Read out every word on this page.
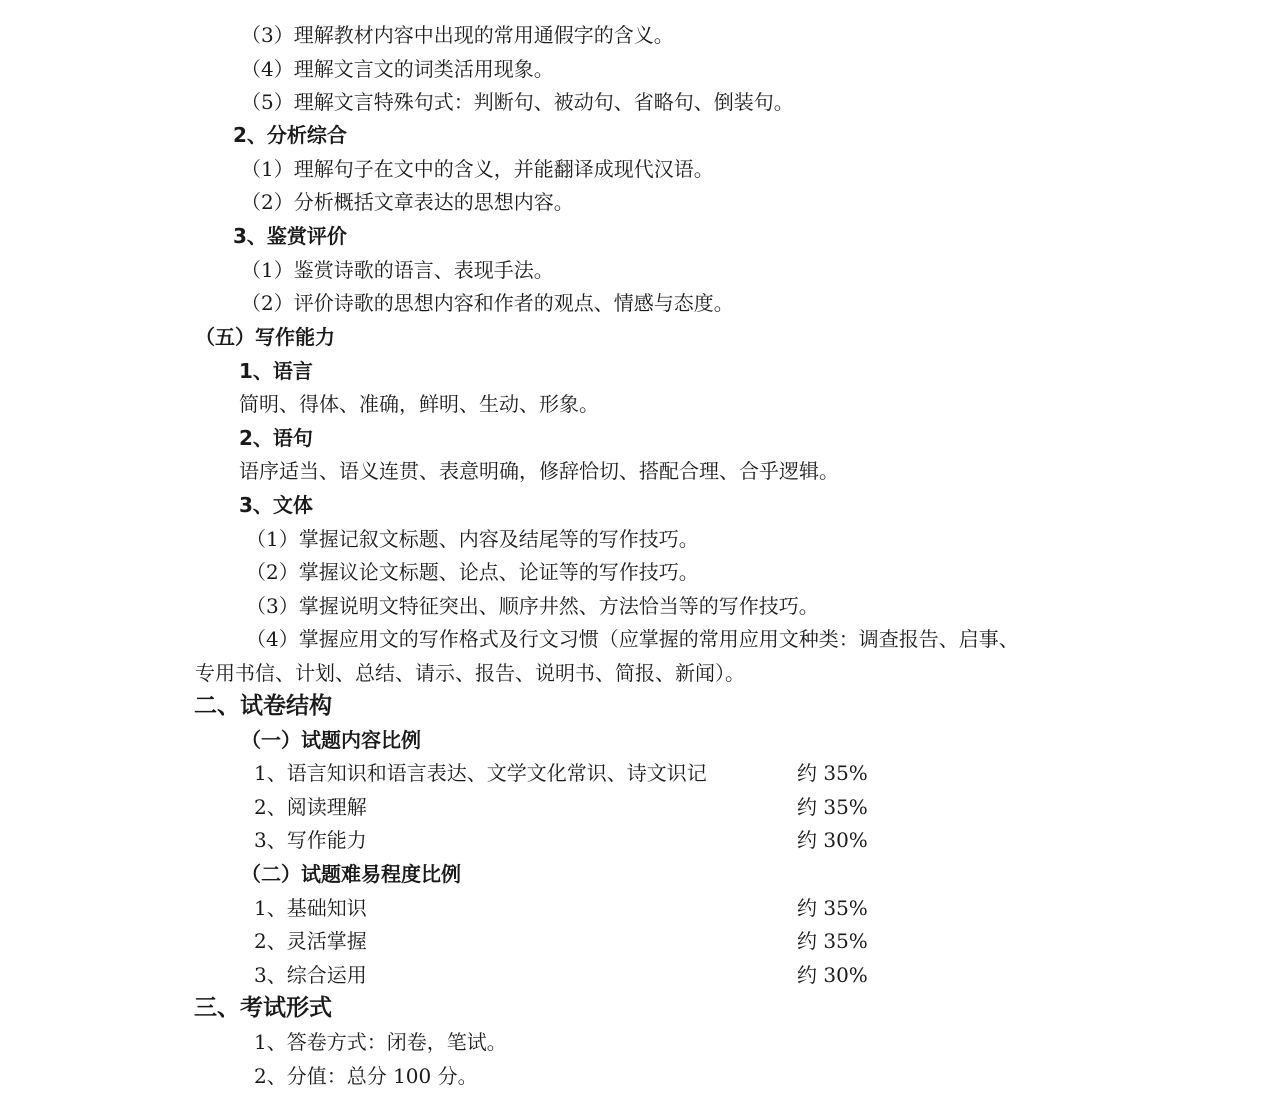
（3）理解教材内容中出现的常用通假字的含义。
（4）理解文言文的词类活用现象。
（5）理解文言特殊句式：判断句、被动句、省略句、倒装句。
2、分析综合
（1）理解句子在文中的含义，并能翻译成现代汉语。
（2）分析概括文章表达的思想内容。
3、鉴赏评价
（1）鉴赏诗歌的语言、表现手法。
（2）评价诗歌的思想内容和作者的观点、情感与态度。
（五）写作能力
1、语言
简明、得体、准确，鲜明、生动、形象。
2、语句
语序适当、语义连贯、表意明确，修辞恰切、搭配合理、合乎逻辑。
3、文体
（1）掌握记叙文标题、内容及结尾等的写作技巧。
（2）掌握议论文标题、论点、论证等的写作技巧。
（3）掌握说明文特征突出、顺序井然、方法恰当等的写作技巧。
（4）掌握应用文的写作格式及行文习惯（应掌握的常用应用文种类：调查报告、启事、
专用书信、计划、总结、请示、报告、说明书、简报、新闻）。
二、试卷结构
（一）试题内容比例
1、语言知识和语言表达、文学文化常识、诗文识记	约 35%
2、阅读理解	约 35%
3、写作能力	约 30%
（二）试题难易程度比例
1、基础知识	约 35%
2、灵活掌握	约 35%
3、综合运用	约 30%
三、考试形式
1、答卷方式：闭卷，笔试。
2、分值：总分 100 分。
